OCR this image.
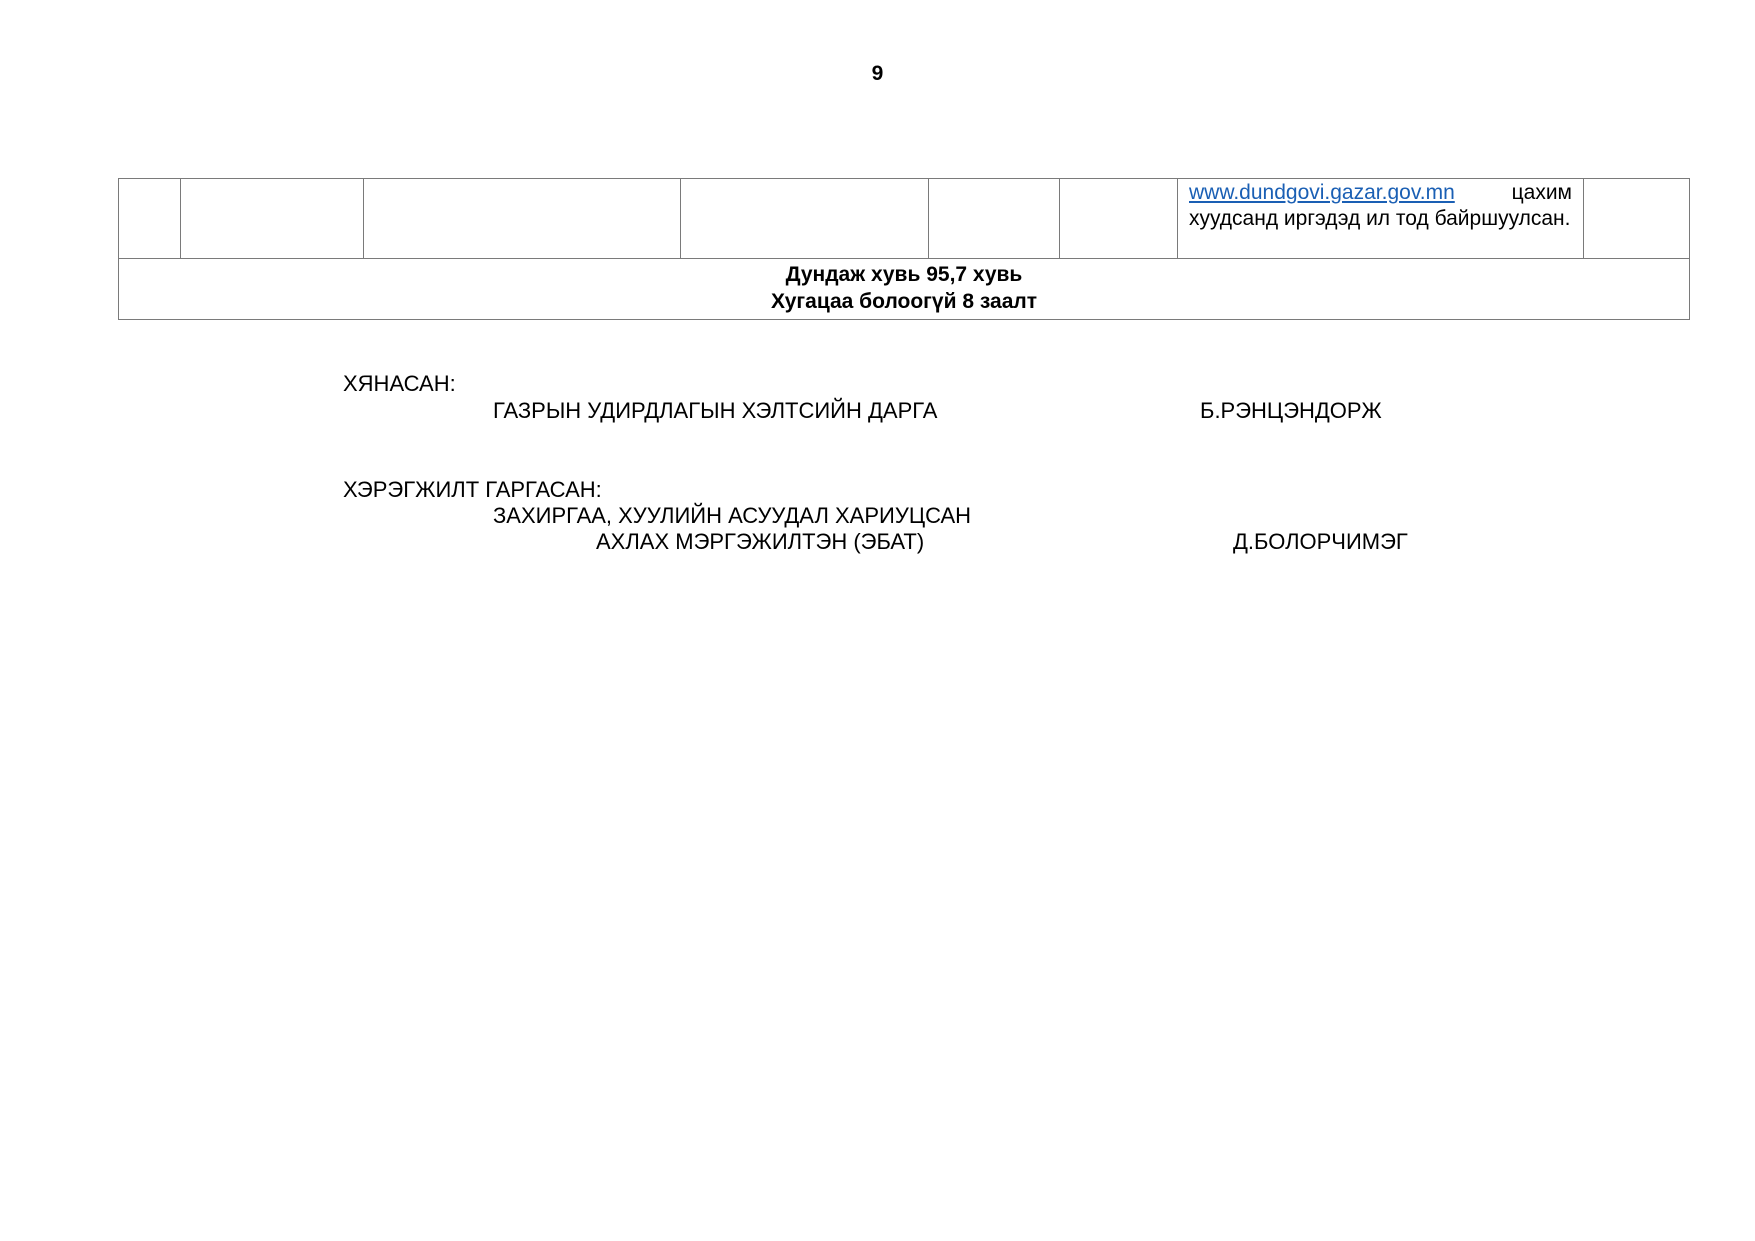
9

www.dundgovi.gazar.gov.mn цахим хуудсанд иргэдэд ил тод байршуулсан.

Дундаж хувь 95,7 хувь
Хугацаа болоогүй 8 заалт
ХЯНАСАН:
ГАЗРЫН УДИРДЛАГЫН ХЭЛТСИЙН ДАРГА	Б.РЭНЦЭНДОРЖ
ХЭРЭГЖИЛТ ГАРГАСАН:
ЗАХИРГАА, ХУУЛИЙН АСУУДАЛ ХАРИУЦСАН
АХЛАХ МЭРГЭЖИЛТЭН (ЭБАТ)	Д.БОЛОРЧИМЭГ
